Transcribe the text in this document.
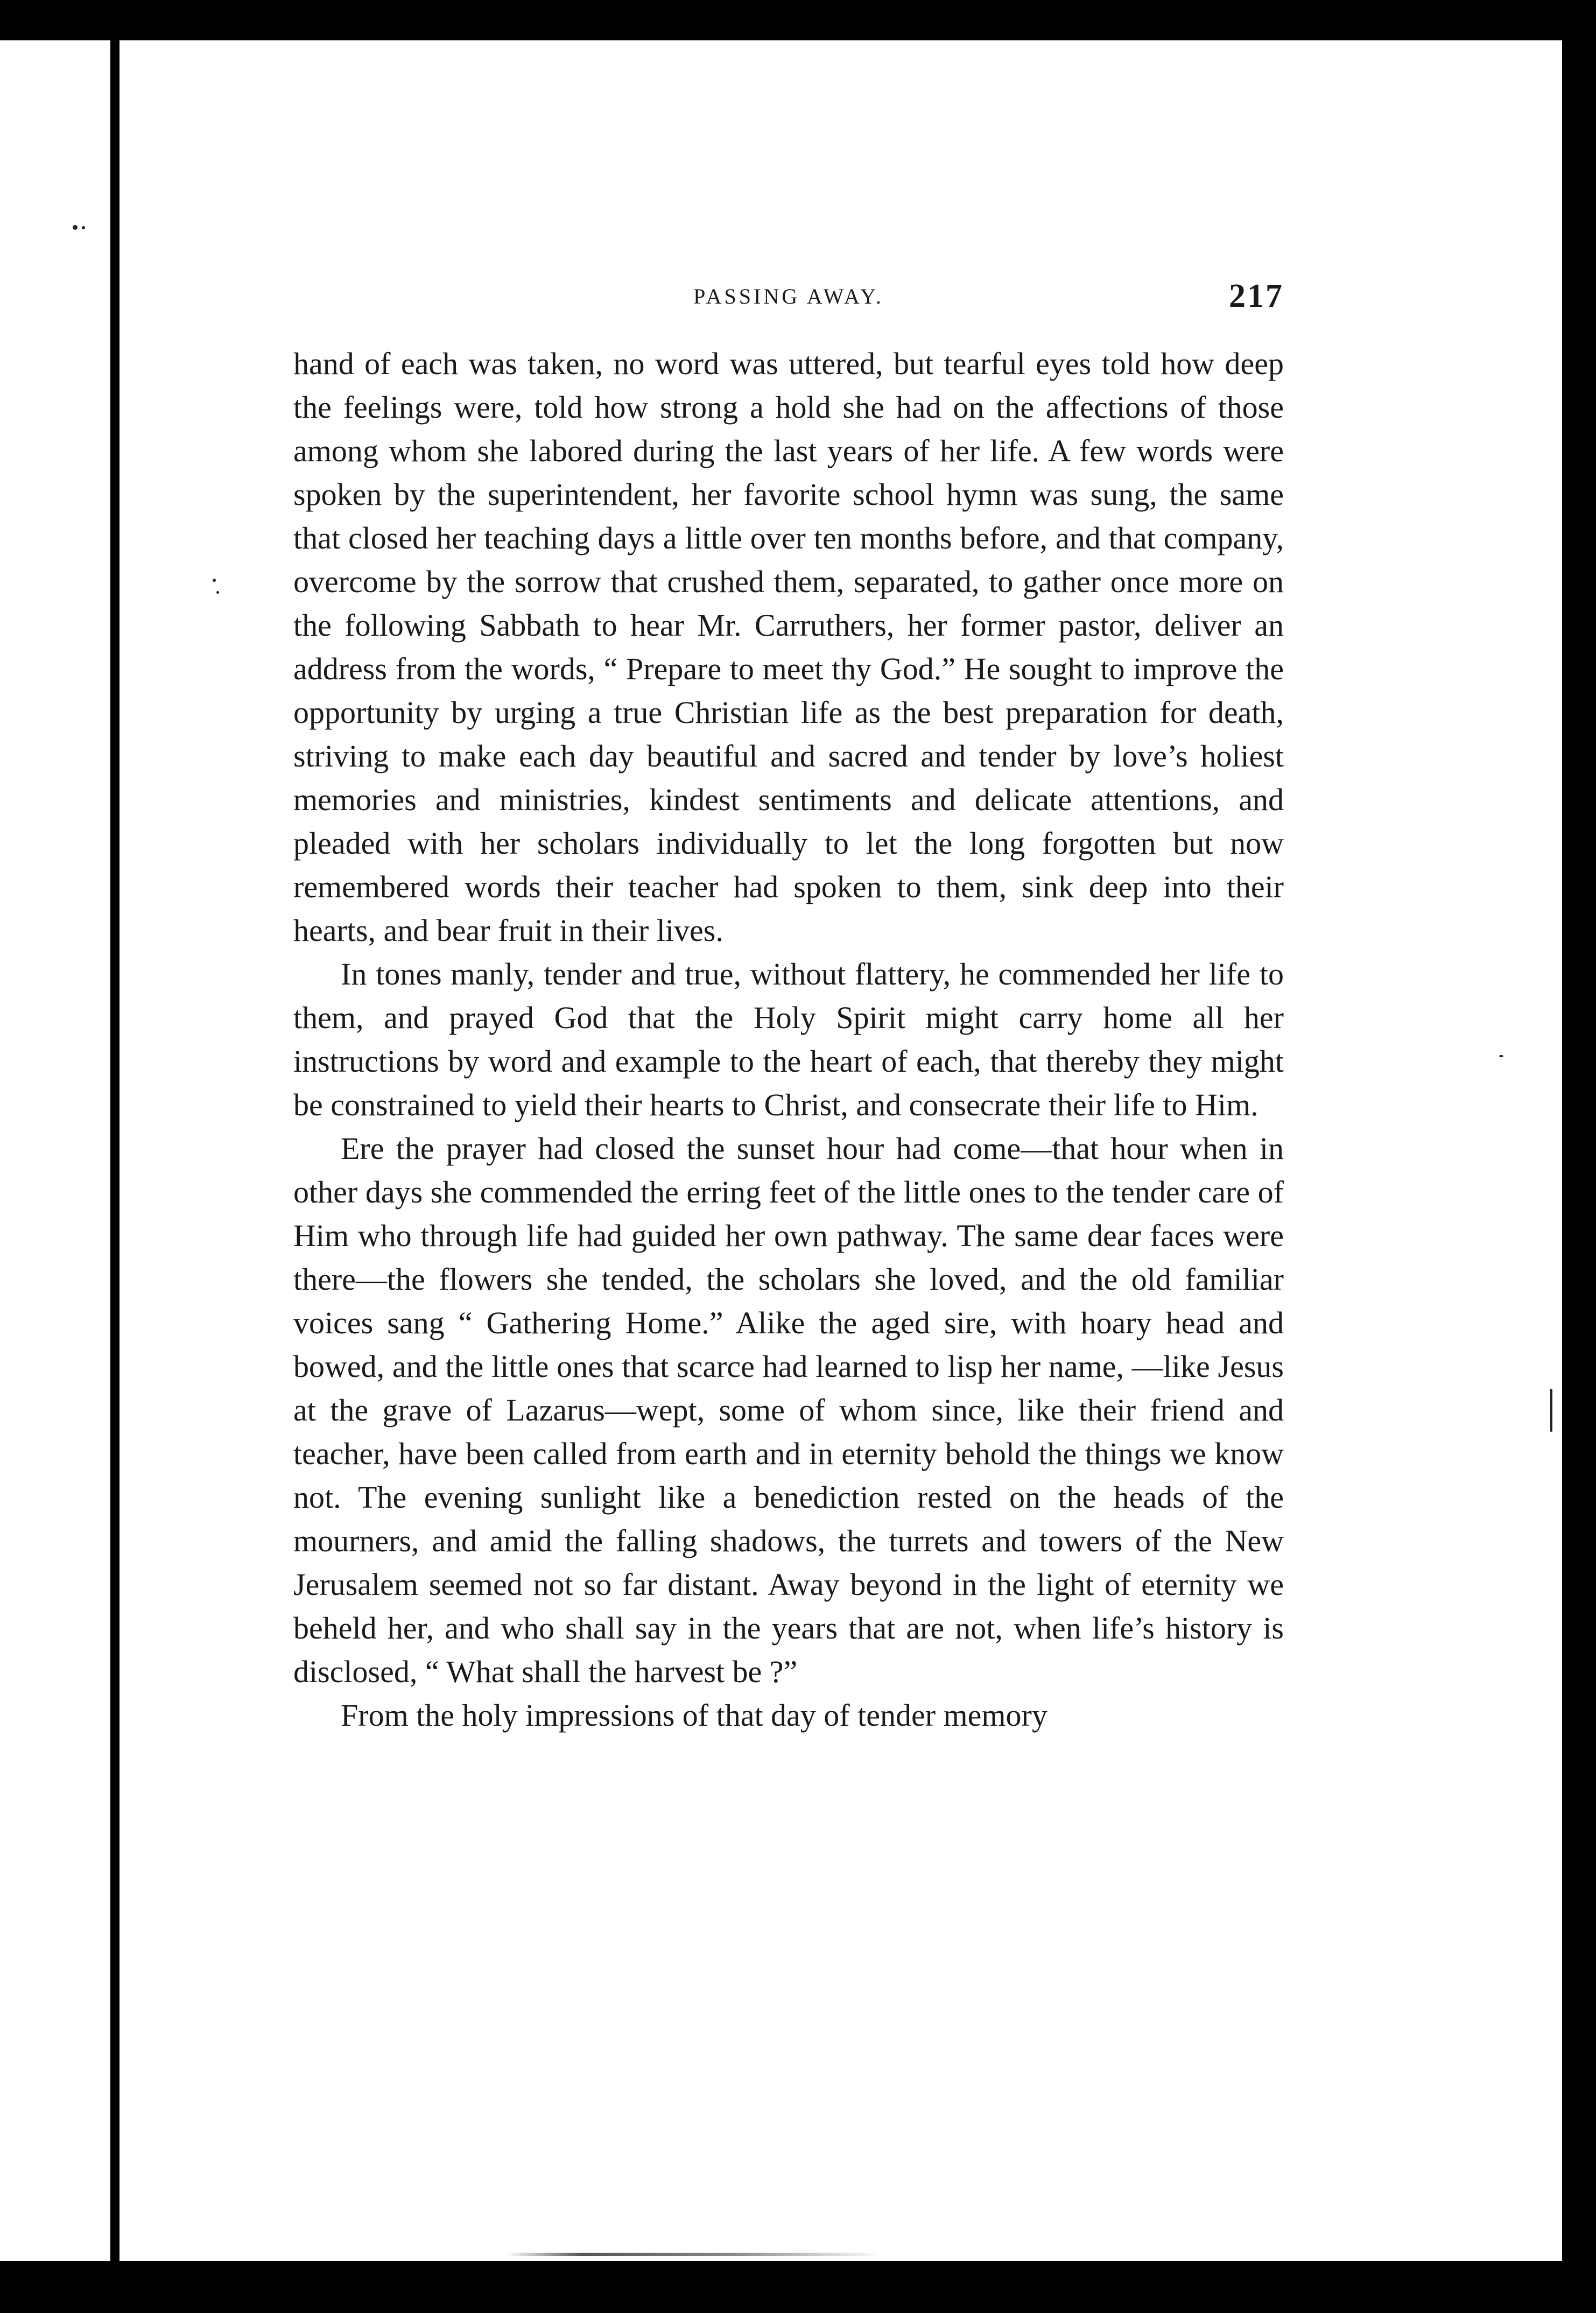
PASSING AWAY.	217

hand of each was taken, no word was uttered, but tearful eyes told how deep the feelings were, told how strong a hold she had on the affections of those among whom she labored during the last years of her life. A few words were spoken by the superintendent, her favorite school hymn was sung, the same that closed her teaching days a little over ten months before, and that company, overcome by the sorrow that crushed them, separated, to gather once more on the following Sabbath to hear Mr. Carruthers, her former pastor, deliver an address from the words, “ Prepare to meet thy God.” He sought to improve the opportunity by urging a true Christian life as the best preparation for death, striving to make each day beautiful and sacred and tender by love’s holiest memories and ministries, kindest sentiments and delicate attentions, and pleaded with her scholars individually to let the long forgotten but now remembered words their teacher had spoken to them, sink deep into their hearts, and bear fruit in their lives.

In tones manly, tender and true, without flattery, he commended her life to them, and prayed God that the Holy Spirit might carry home all her instructions by word and example to the heart of each, that thereby they might be constrained to yield their hearts to Christ, and consecrate their life to Him.

Ere the prayer had closed the sunset hour had come—that hour when in other days she commended the erring feet of the little ones to the tender care of Him who through life had guided her own pathway. The same dear faces were there—the flowers she tended, the scholars she loved, and the old familiar voices sang “ Gathering Home.” Alike the aged sire, with hoary head and bowed, and the little ones that scarce had learned to lisp her name, —like Jesus at the grave of Lazarus—wept, some of whom since, like their friend and teacher, have been called from earth and in eternity behold the things we know not. The evening sunlight like a benediction rested on the heads of the mourners, and amid the falling shadows, the turrets and towers of the New Jerusalem seemed not so far distant. Away beyond in the light of eternity we beheld her, and who shall say in the years that are not, when life’s history is disclosed, “ What shall the harvest be ?”

From the holy impressions of that day of tender memory
